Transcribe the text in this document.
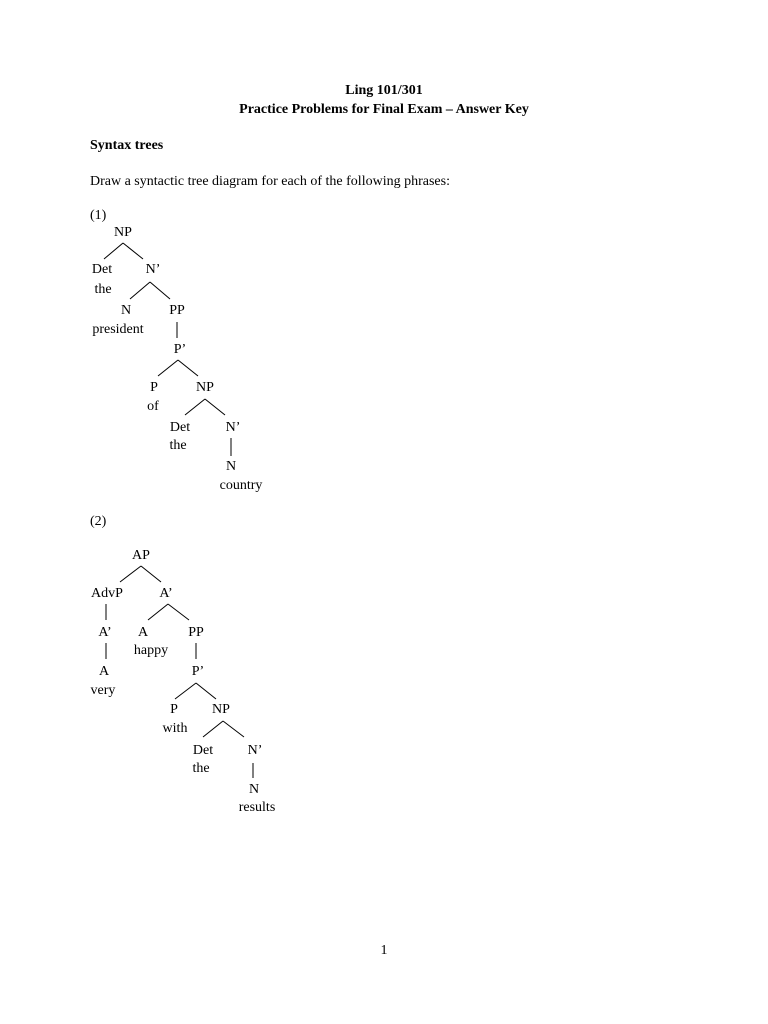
Ling 101/301
Practice Problems for Final Exam – Answer Key
Syntax trees
Draw a syntactic tree diagram for each of the following phrases:
(1)
NP
Det
the
N’
N
president
PP
P’
P
of
NP
Det
the
N’
N
country
(2)
AP
AdvP
A’
A
very
A’
A
happy
PP
P’
P
with
NP
Det
the
N’
N
results
1
